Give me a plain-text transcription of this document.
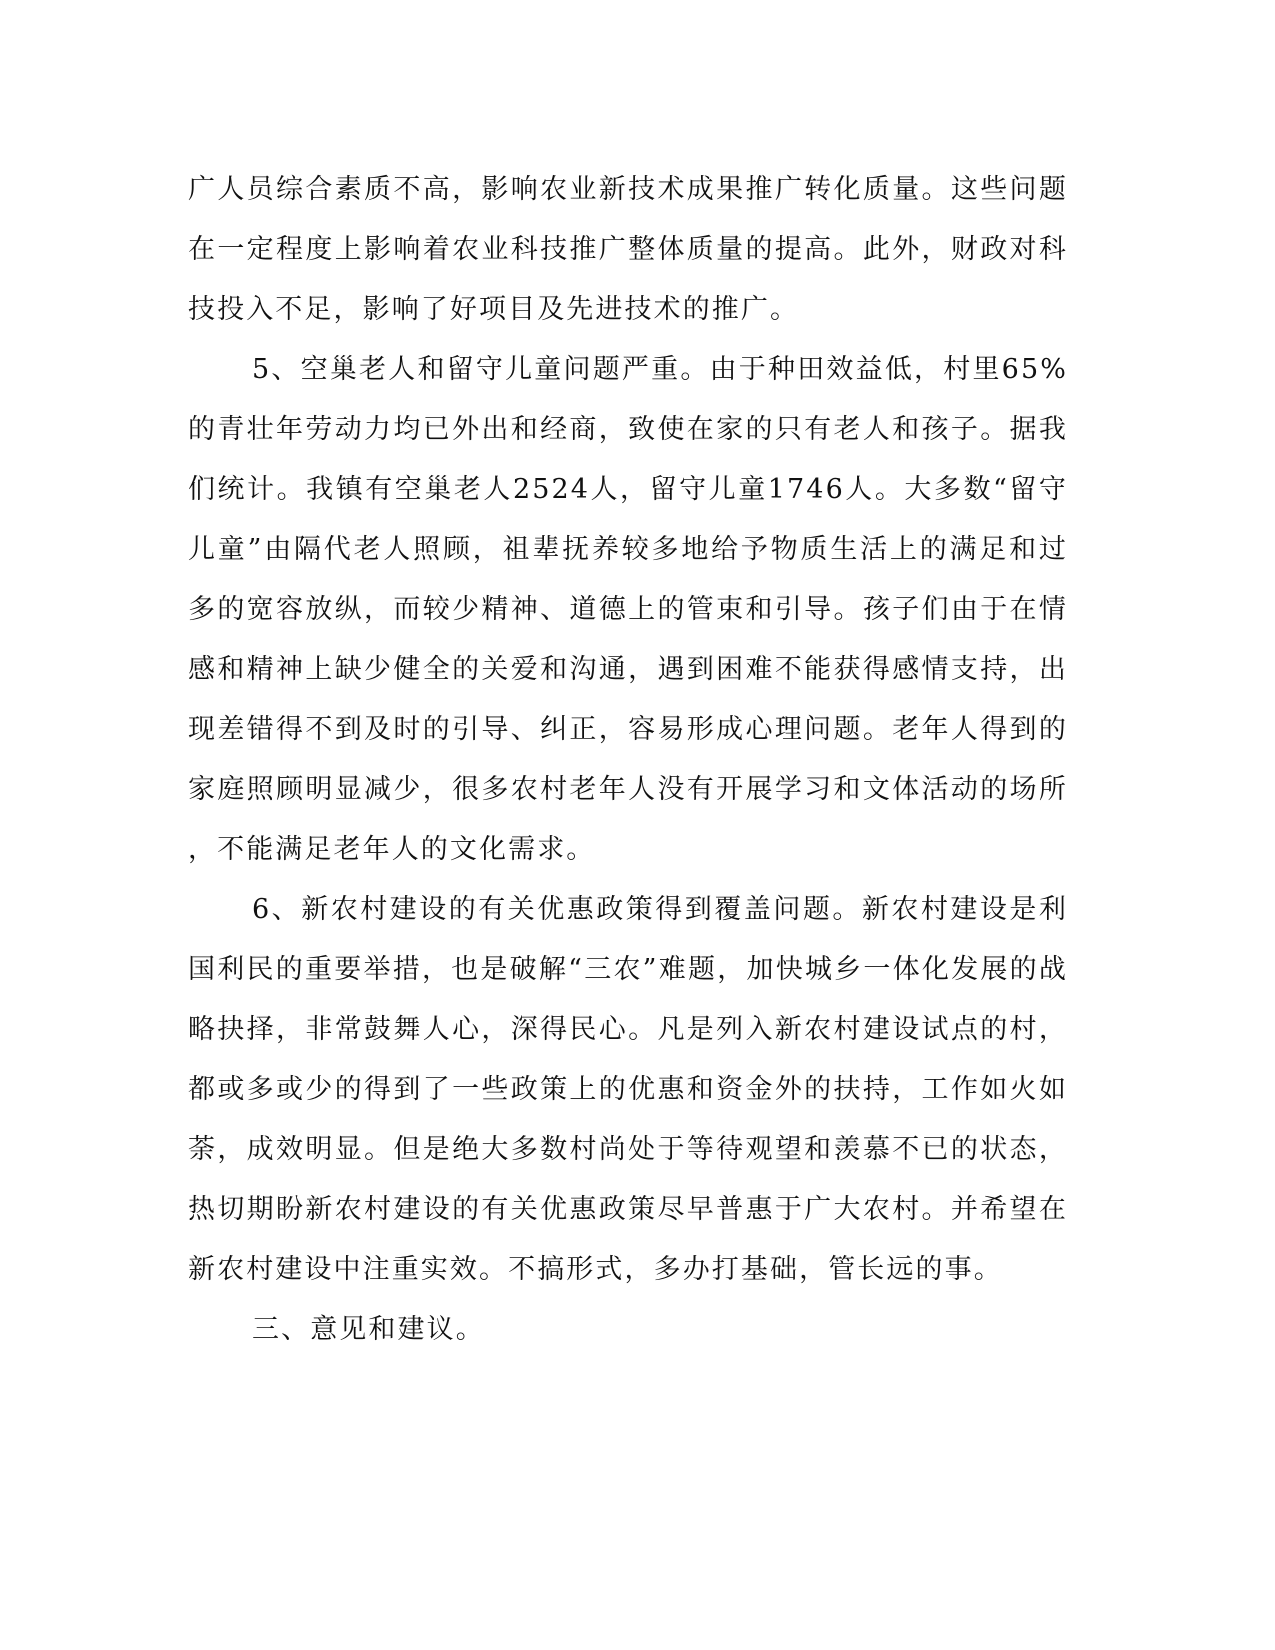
广人员综合素质不高，影响农业新技术成果推广转化质量。这些问题在一定程度上影响着农业科技推广整体质量的提高。此外，财政对科技投入不足，影响了好项目及先进技术的推广。

5、空巢老人和留守儿童问题严重。由于种田效益低，村里65%的青壮年劳动力均已外出和经商，致使在家的只有老人和孩子。据我们统计。我镇有空巢老人2524人，留守儿童1746人。大多数“留守儿童”由隔代老人照顾，祖辈抚养较多地给予物质生活上的满足和过多的宽容放纵，而较少精神、道德上的管束和引导。孩子们由于在情感和精神上缺少健全的关爱和沟通，遇到困难不能获得感情支持，出现差错得不到及时的引导、纠正，容易形成心理问题。老年人得到的家庭照顾明显减少，很多农村老年人没有开展学习和文体活动的场所，不能满足老年人的文化需求。

6、新农村建设的有关优惠政策得到覆盖问题。新农村建设是利国利民的重要举措，也是破解“三农”难题，加快城乡一体化发展的战略抉择，非常鼓舞人心，深得民心。凡是列入新农村建设试点的村，都或多或少的得到了一些政策上的优惠和资金外的扶持，工作如火如荼，成效明显。但是绝大多数村尚处于等待观望和羡慕不已的状态，热切期盼新农村建设的有关优惠政策尽早普惠于广大农村。并希望在新农村建设中注重实效。不搞形式，多办打基础，管长远的事。

三、意见和建议。
